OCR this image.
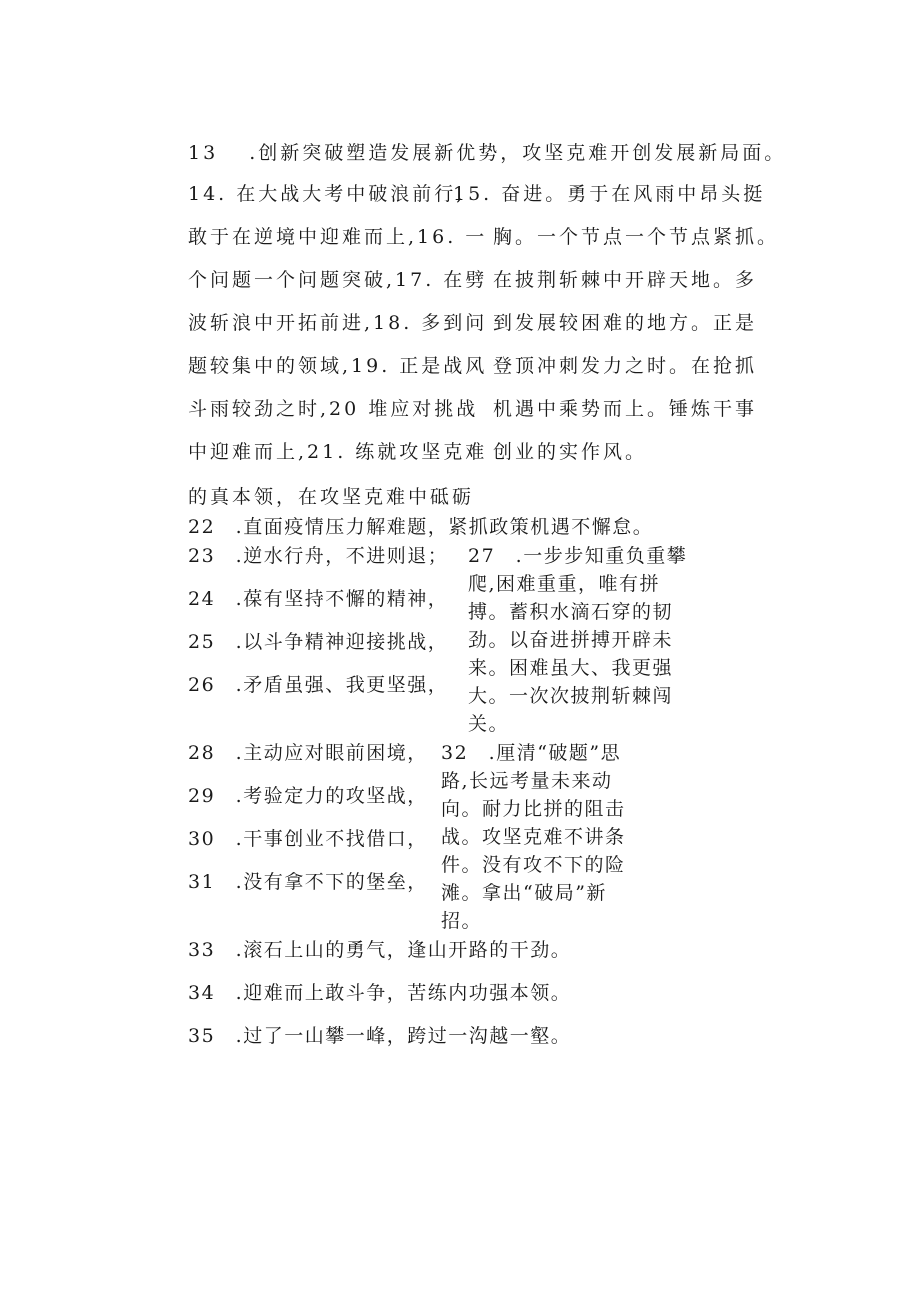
13　 .创新突破塑造发展新优势，攻坚克难开创发展新局面。
14. 在大战大考中破浪前行,
敢于在逆境中迎难而上,16. 一
个问题一个问题突破,17. 在劈
波斩浪中开拓前进,18. 多到问
题较集中的领域,19. 正是战风
斗雨较劲之时,20 堆应对挑战
中迎难而上,21. 练就攻坚克难
的真本领，在攻坚克难中砥砺
15. 奋进。勇于在风雨中昂头挺
胸。一个节点一个节点紧抓。
在披荆斩棘中开辟天地。多
到发展较困难的地方。正是
登顶冲刺发力之时。在抢抓
机遇中乘势而上。锤炼干事
创业的实作风。
22　.直面疫情压力解难题，紧抓政策机遇不懈怠。
23　.逆水行舟，不进则退；
24　.葆有坚持不懈的精神，
25　.以斗争精神迎接挑战，
26　.矛盾虽强、我更坚强，
27　.一步步知重负重攀
爬,困难重重，唯有拼
搏。蓄积水滴石穿的韧
劲。以奋进拼搏开辟未
来。困难虽大、我更强
大。一次次披荆斩棘闯
关。
28　.主动应对眼前困境，
29　.考验定力的攻坚战，
30　.干事创业不找借口，
31　.没有拿不下的堡垒，
32　.厘清“破题”思
路,长远考量未来动
向。耐力比拼的阻击
战。攻坚克难不讲条
件。没有攻不下的险
滩。拿出“破局”新
招。
33　.滚石上山的勇气，逢山开路的干劲。
34　.迎难而上敢斗争，苦练内功强本领。
35　.过了一山攀一峰，跨过一沟越一壑。
